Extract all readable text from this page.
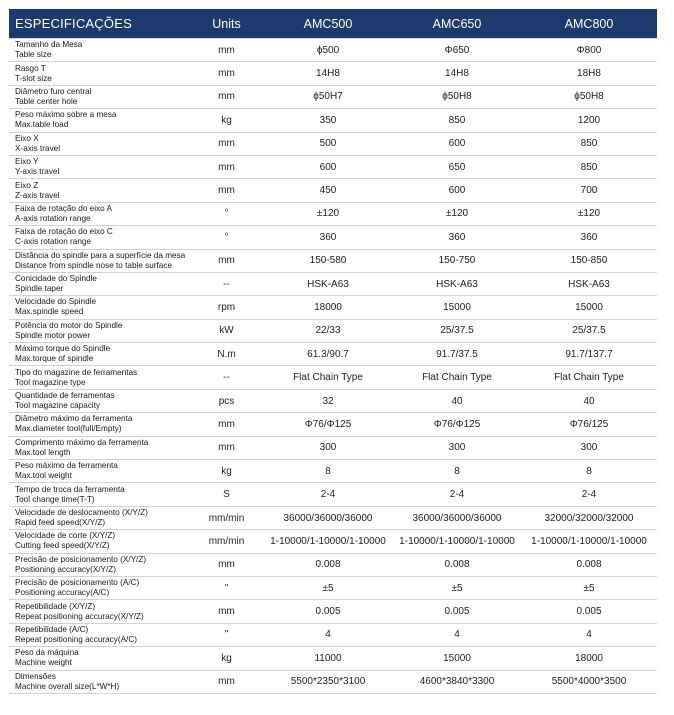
ESPECIFICAÇÕES	Units	AMC500	AMC650	AMC800

Tamanho da Mesa
Table size	mm	ϕ500	Φ650	Φ800

Rasgo T
T-slot size	mm	14H8	14H8	18H8

Diâmetro furo central
Table center hole	mm	ϕ50H7	ϕ50H8	ϕ50H8

Peso máximo sobre a mesa
Max.table load	kg	350	850	1200

Eixo X
X-axis travel	mm	500	600	850

Eixo Y
Y-axis travel	mm	600	650	850

Eixo Z
Z-axis travel	mm	450	600	700

Faixa de rotação do eixo A
A-axis rotation range	°	±120	±120	±120

Faixa de rotação do eixo C
C-axis rotation range	°	360	360	360

Distância do spindle para a superfície da mesa
Distance from spindle nose to table surface	mm	150-580	150-750	150-850

Conicidade do Spindle
Spindle taper	--	HSK-A63	HSK-A63	HSK-A63

Velocidade do Spindle
Max.spindle speed	rpm	18000	15000	15000

Potência do motor do Spindle
Spindle motor power	kW	22/33	25/37.5	25/37.5

Máximo torque do Spindle
Max.torque of spindle	N.m	61.3/90.7	91.7/37.5	91.7/137.7

Tipo do magazine de ferramentas
Tool magazine type	--	Flat Chain Type	Flat Chain Type	Flat Chain Type

Quantidade de ferramentas
Tool magazine capacity	pcs	32	40	40

Diâmetro máximo da ferramenta
Max.diameter tool(full/Empty)	mm	Φ76/Φ125	Φ76/Φ125	Φ76/125

Comprimento máximo da ferramenta
Max.tool length	mm	300	300	300

Peso máximo da ferramenta
Max.tool weight	kg	8	8	8

Tempo de troca da ferramenta
Tool change time(T-T)	S	2-4	2-4	2-4

Velocidade de deslocamento (X/Y/Z)
Rapid feed speed(X/Y/Z)	mm/min	36000/36000/36000	36000/36000/36000	32000/32000/32000

Velocidade de corte (X/Y/Z)
Cutting feed speed(X/Y/Z)	mm/min	1-10000/1-10000/1-10000	1-10000/1-10000/1-10000	1-10000/1-10000/1-10000

Precisão de posicionamento (X/Y/Z)
Positioning accuracy(X/Y/Z)	mm	0.008	0.008	0.008

Precisão de posicionamento (A/C)
Positioning accuracy(A/C)	"	±5	±5	±5

Repetibilidade (X/Y/Z)
Repeat positioning accuracy(X/Y/Z)	mm	0.005	0.005	0.005

Repetibilidade (A/C)
Repeat positioning accuracy(A/C)	"	4	4	4

Peso da máquina
Machine weight	kg	11000	15000	18000

Dimensões
Machine overall size(L*W*H)	mm	5500*2350*3100	4600*3840*3300	5500*4000*3500
